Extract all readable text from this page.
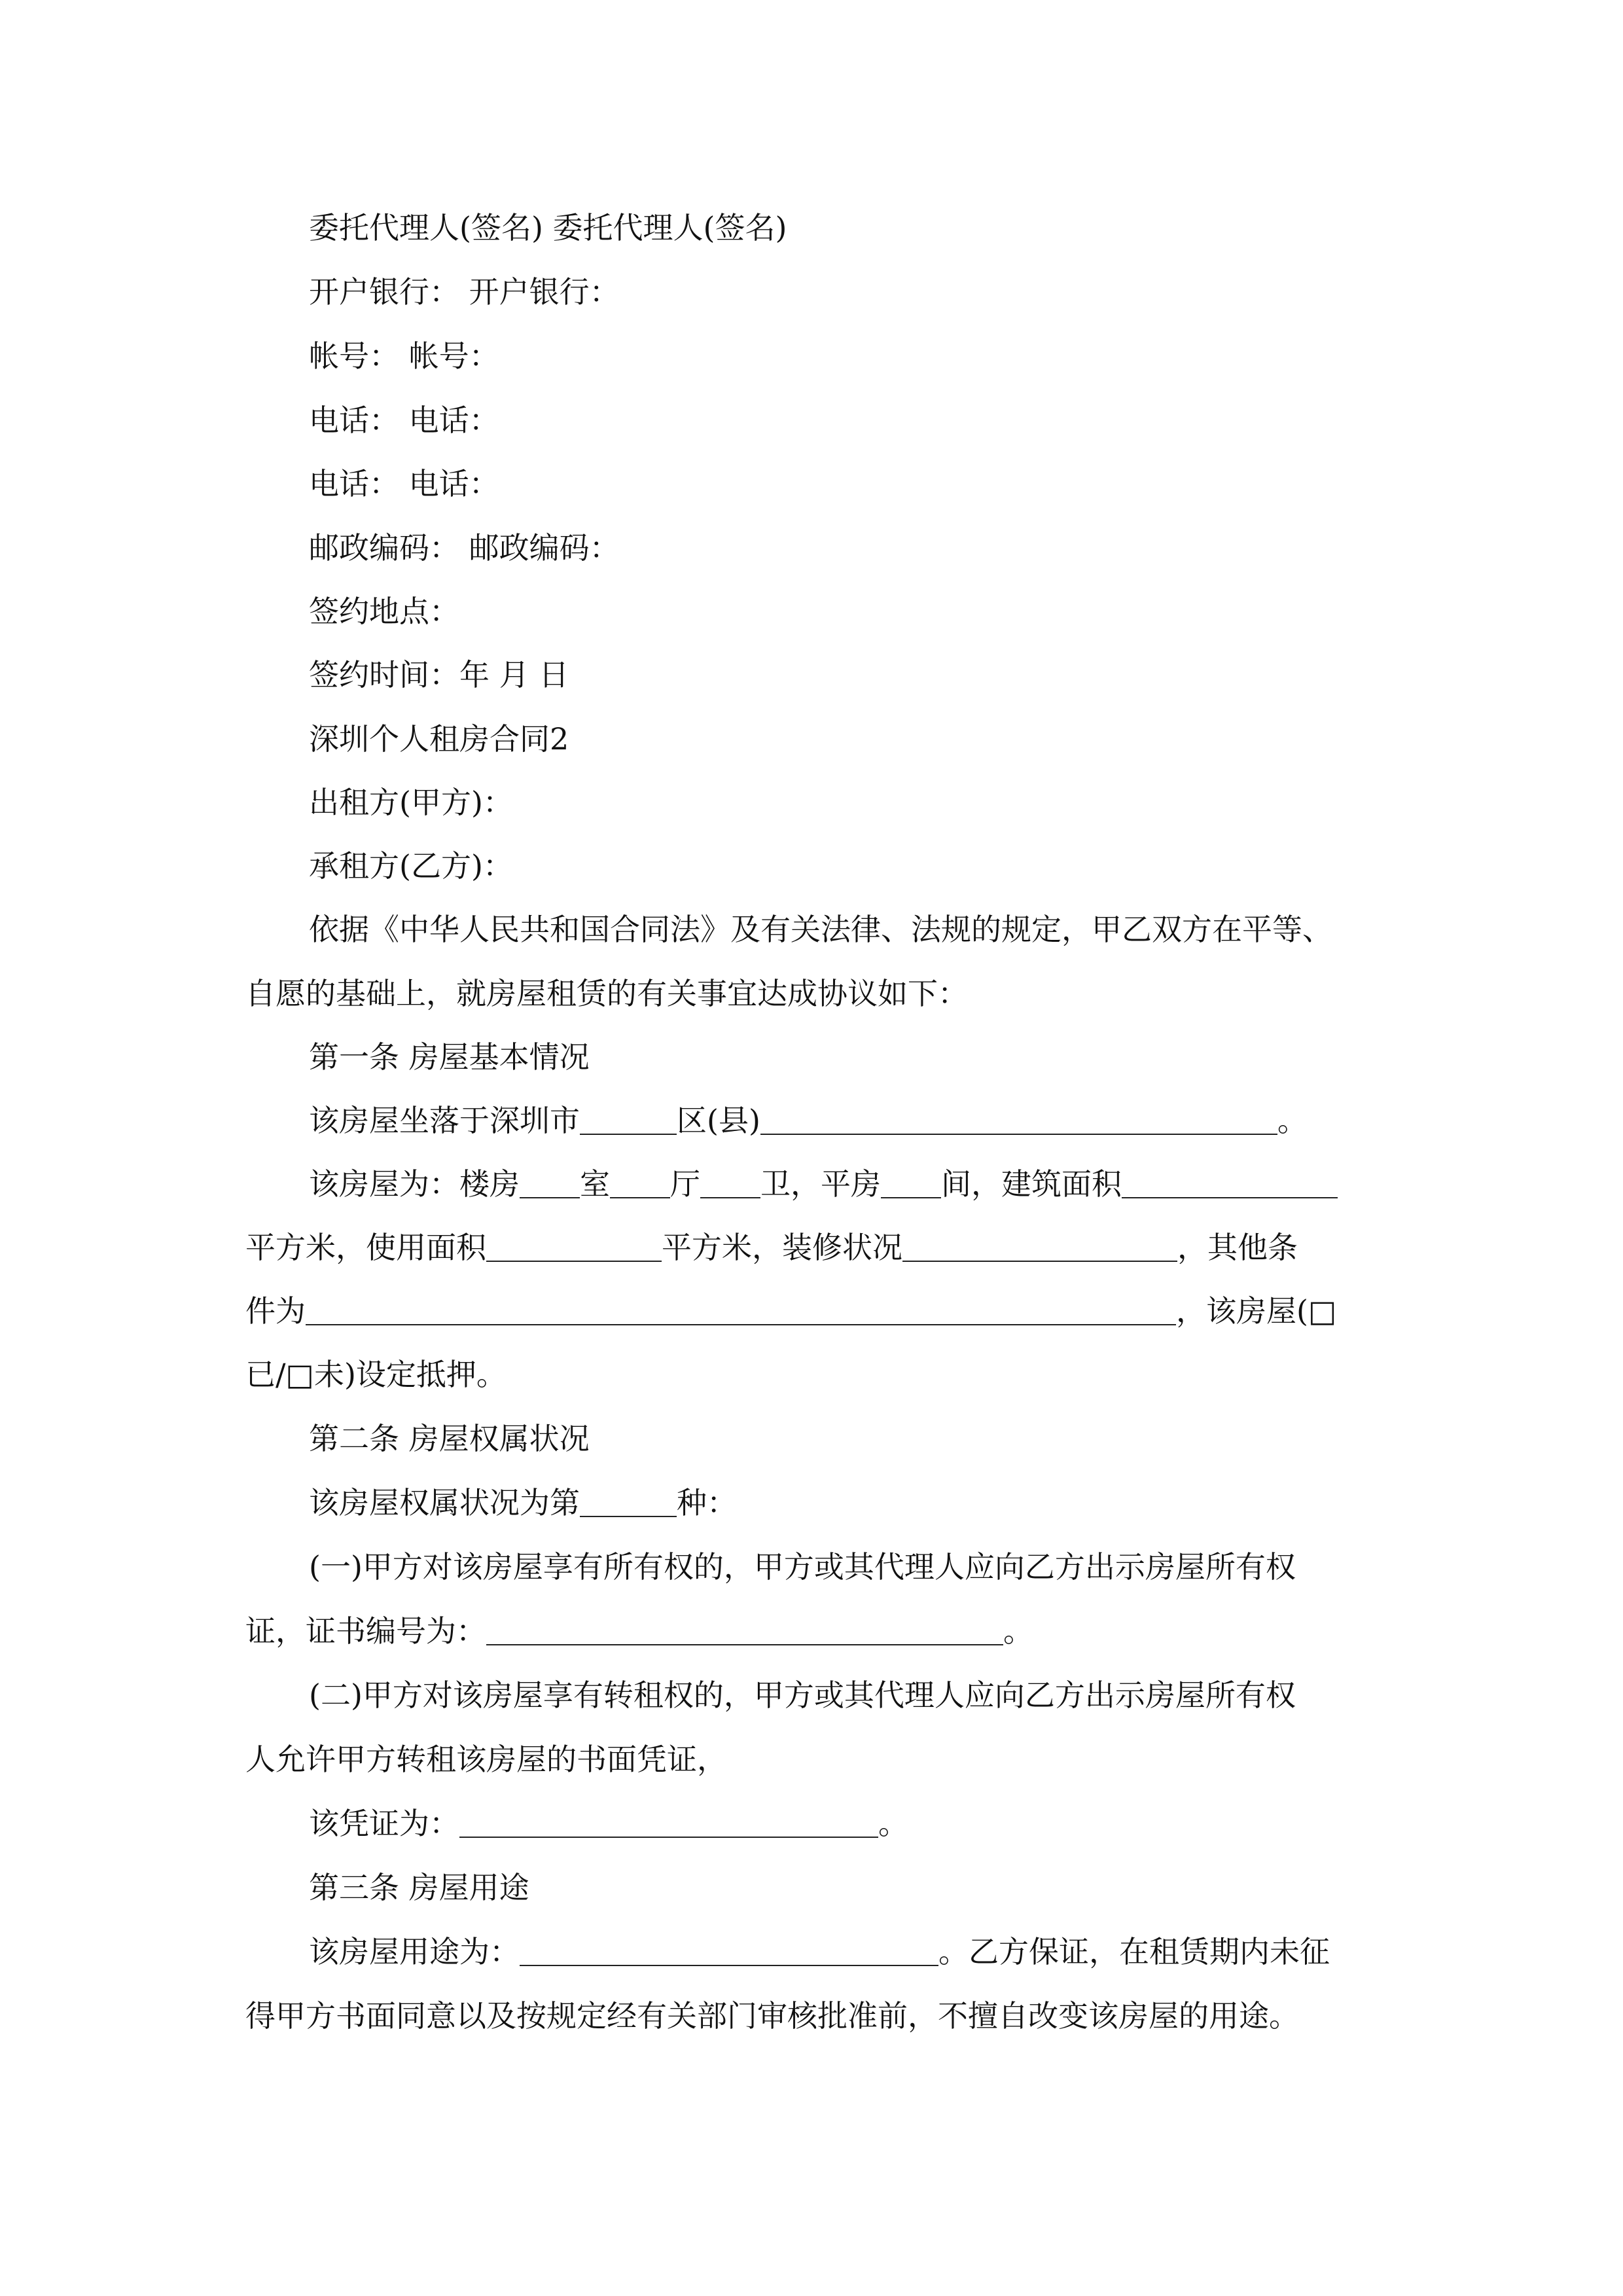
委托代理人(签名) 委托代理人(签名)
开户银行： 开户银行：
帐号： 帐号：
电话： 电话：
电话： 电话：
邮政编码： 邮政编码：
签约地点：
签约时间：年 月 日
深圳个人租房合同2
出租方(甲方)：
承租方(乙方)：
依据《中华人民共和国合同法》及有关法律、法规的规定，甲乙双方在平等、
自愿的基础上，就房屋租赁的有关事宜达成协议如下：
第一条 房屋基本情况
该房屋坐落于深圳市	区(县)	。
该房屋为：楼房 室 厅 卫，平房 间，建筑面积
平方米，使用面积	平方米，装修状况	，其他条
件为	，该房屋(□
已/□未)设定抵押。
第二条 房屋权属状况
该房屋权属状况为第	种：
(一)甲方对该房屋享有所有权的，甲方或其代理人应向乙方出示房屋所有权
证，证书编号为：	。
(二)甲方对该房屋享有转租权的，甲方或其代理人应向乙方出示房屋所有权
人允许甲方转租该房屋的书面凭证，
该凭证为：	。
第三条 房屋用途
该房屋用途为：	。乙方保证，在租赁期内未征
得甲方书面同意以及按规定经有关部门审核批准前，不擅自改变该房屋的用途。
